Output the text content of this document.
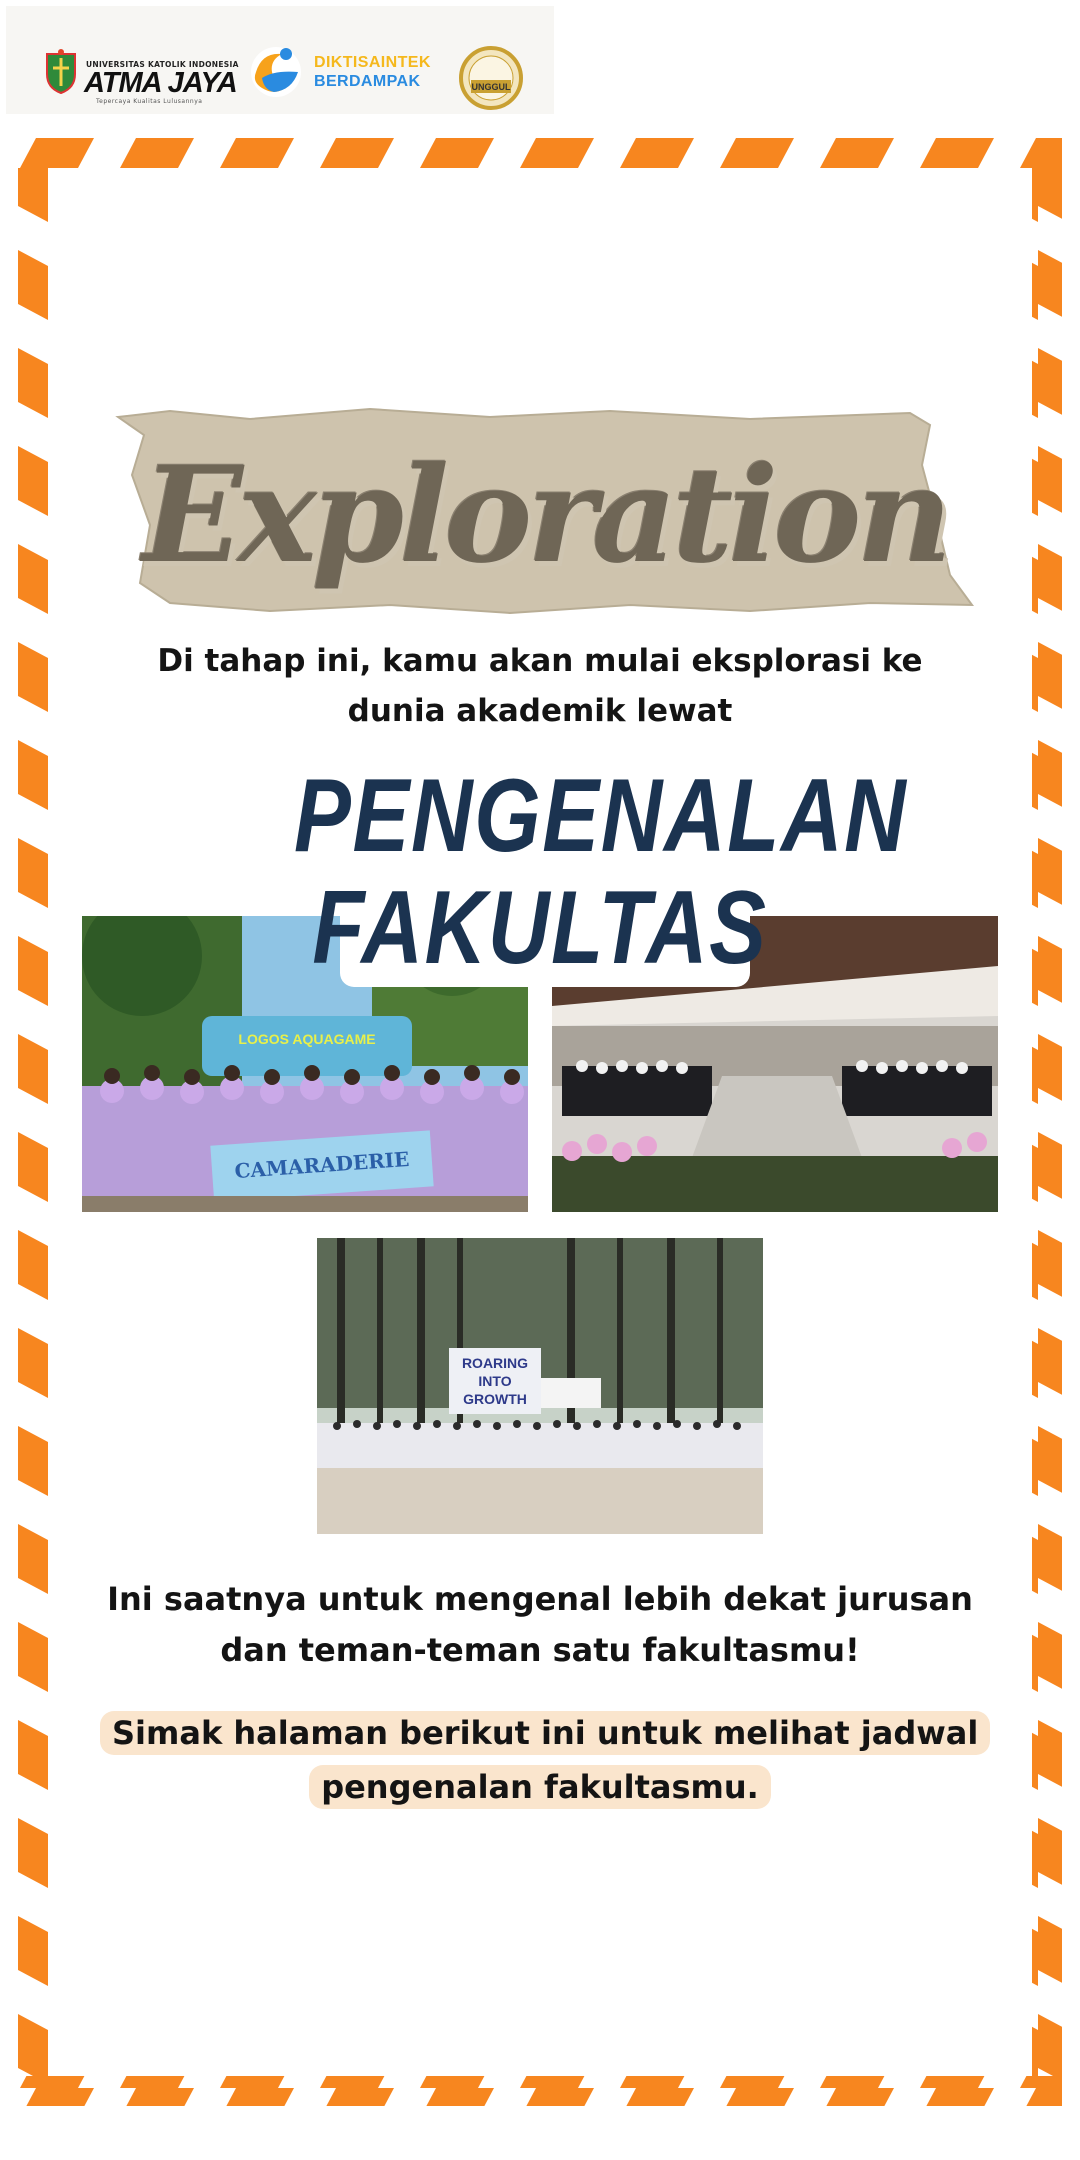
UNIVERSITAS KATOLIK INDONESIA
ATMA JAYA
Tepercaya Kualitas Lulusannya
DIKTISAINTEK
BERDAMPAK	UNGGUL
Exploration
Di tahap ini, kamu akan mulai eksplorasi ke dunia akademik lewat
LOGOS AQUAGAME
CAMARADERIE
PENGENALAN
FAKULTAS
ROARING
INTO
GROWTH
Ini saatnya untuk mengenal lebih dekat jurusan dan teman-teman satu fakultasmu!
Simak halaman berikut ini untuk melihat jadwal pengenalan fakultasmu.
